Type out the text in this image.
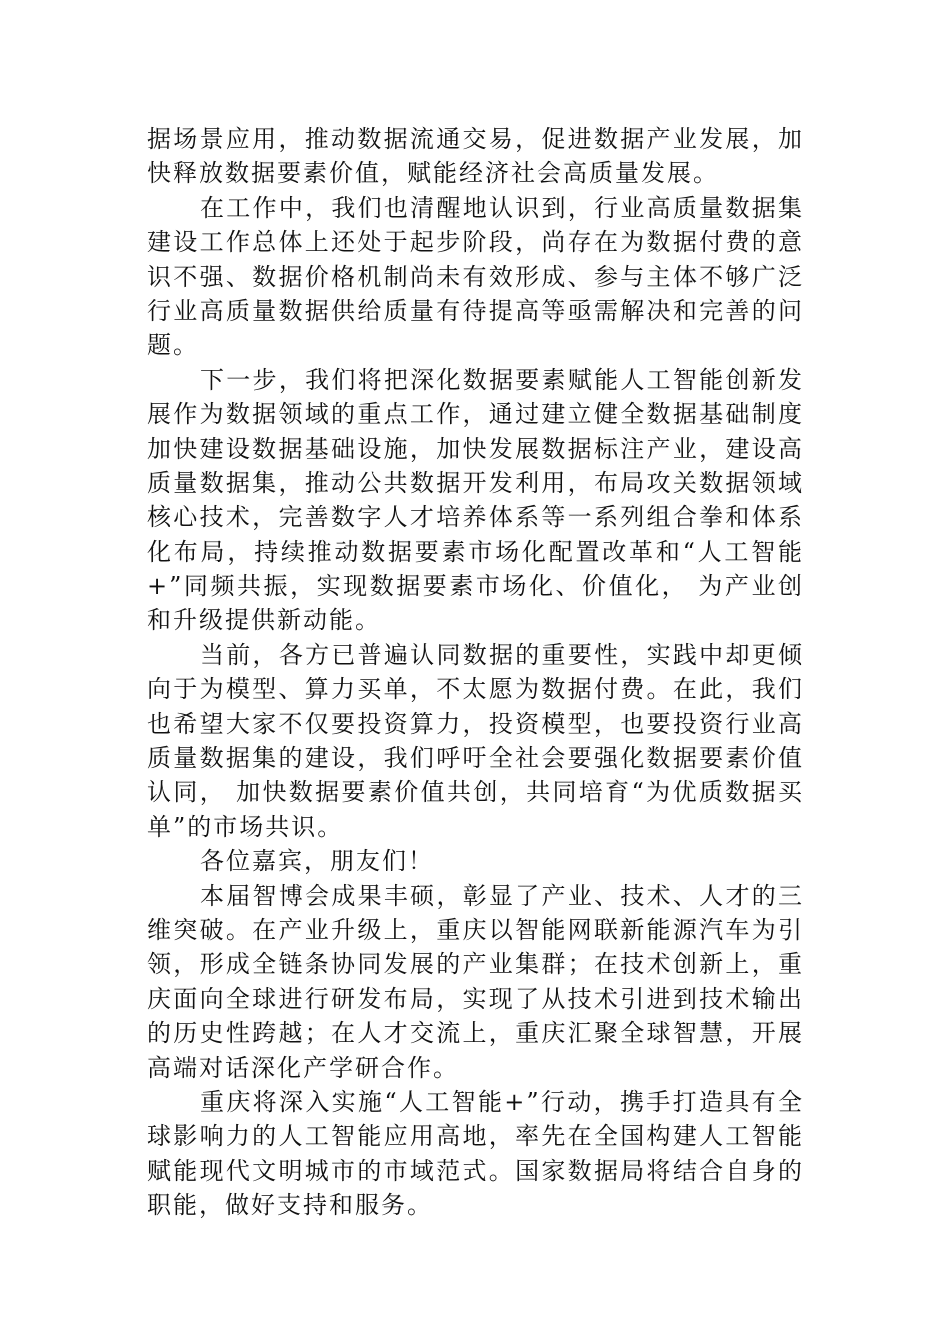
据场景应用，推动数据流通交易，促进数据产业发展，加
快释放数据要素价值，赋能经济社会高质量发展。
在工作中，我们也清醒地认识到，行业高质量数据集
建设工作总体上还处于起步阶段，尚存在为数据付费的意
识不强、数据价格机制尚未有效形成、参与主体不够广泛
行业高质量数据供给质量有待提高等亟需解决和完善的问
题。
下一步，我们将把深化数据要素赋能人工智能创新发
展作为数据领域的重点工作，通过建立健全数据基础制度
加快建设数据基础设施，加快发展数据标注产业，建设高
质量数据集，推动公共数据开发利用，布局攻关数据领域
核心技术，完善数字人才培养体系等一系列组合拳和体系
化布局，持续推动数据要素市场化配置改革和“人工智能
+”同频共振，实现数据要素市场化、价值化， 为产业创
和升级提供新动能。
当前，各方已普遍认同数据的重要性，实践中却更倾
向于为模型、算力买单，不太愿为数据付费。在此，我们
也希望大家不仅要投资算力，投资模型，也要投资行业高
质量数据集的建设，我们呼吁全社会要强化数据要素价值
认同， 加快数据要素价值共创，共同培育“为优质数据买
单”的市场共识。
各位嘉宾，朋友们！
本届智博会成果丰硕，彰显了产业、技术、人才的三
维突破。在产业升级上，重庆以智能网联新能源汽车为引
领，形成全链条协同发展的产业集群；在技术创新上，重
庆面向全球进行研发布局，实现了从技术引进到技术输出
的历史性跨越；在人才交流上，重庆汇聚全球智慧，开展
高端对话深化产学研合作。
重庆将深入实施“人工智能+”行动，携手打造具有全
球影响力的人工智能应用高地，率先在全国构建人工智能
赋能现代文明城市的市域范式。国家数据局将结合自身的
职能，做好支持和服务。
